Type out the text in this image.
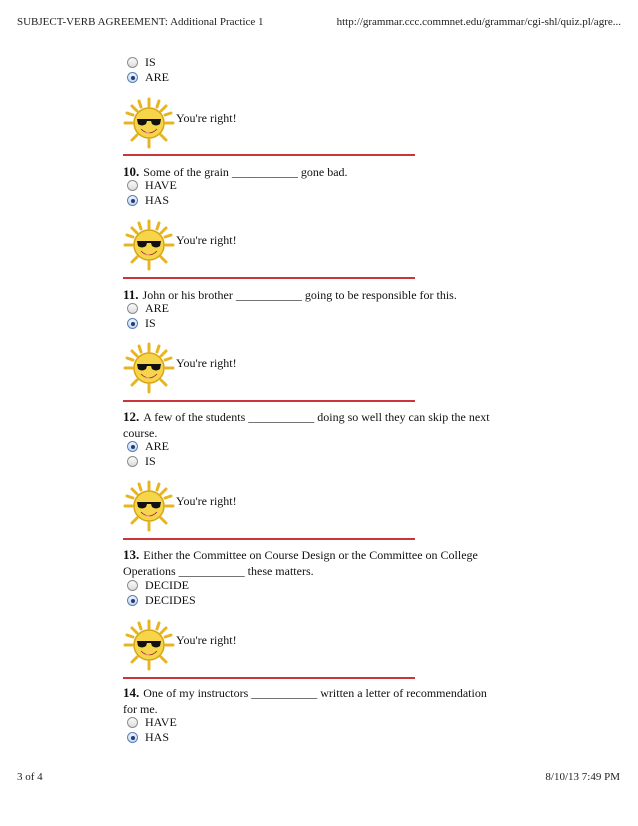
SUBJECT-VERB AGREEMENT: Additional Practice 1	http://grammar.ccc.commnet.edu/grammar/cgi-shl/quiz.pl/agre...
IS
ARE
You're right!
10. Some of the grain ___________ gone bad.
HAVE
HAS
You're right!
11. John or his brother ___________ going to be responsible for this.
ARE
IS
You're right!
12. A few of the students ___________ doing so well they can skip the next course.
ARE
IS
You're right!
13. Either the Committee on Course Design or the Committee on College Operations ___________ these matters.
DECIDE
DECIDES
You're right!
14. One of my instructors ___________ written a letter of recommendation for me.
HAVE
HAS
3 of 4	8/10/13 7:49 PM
